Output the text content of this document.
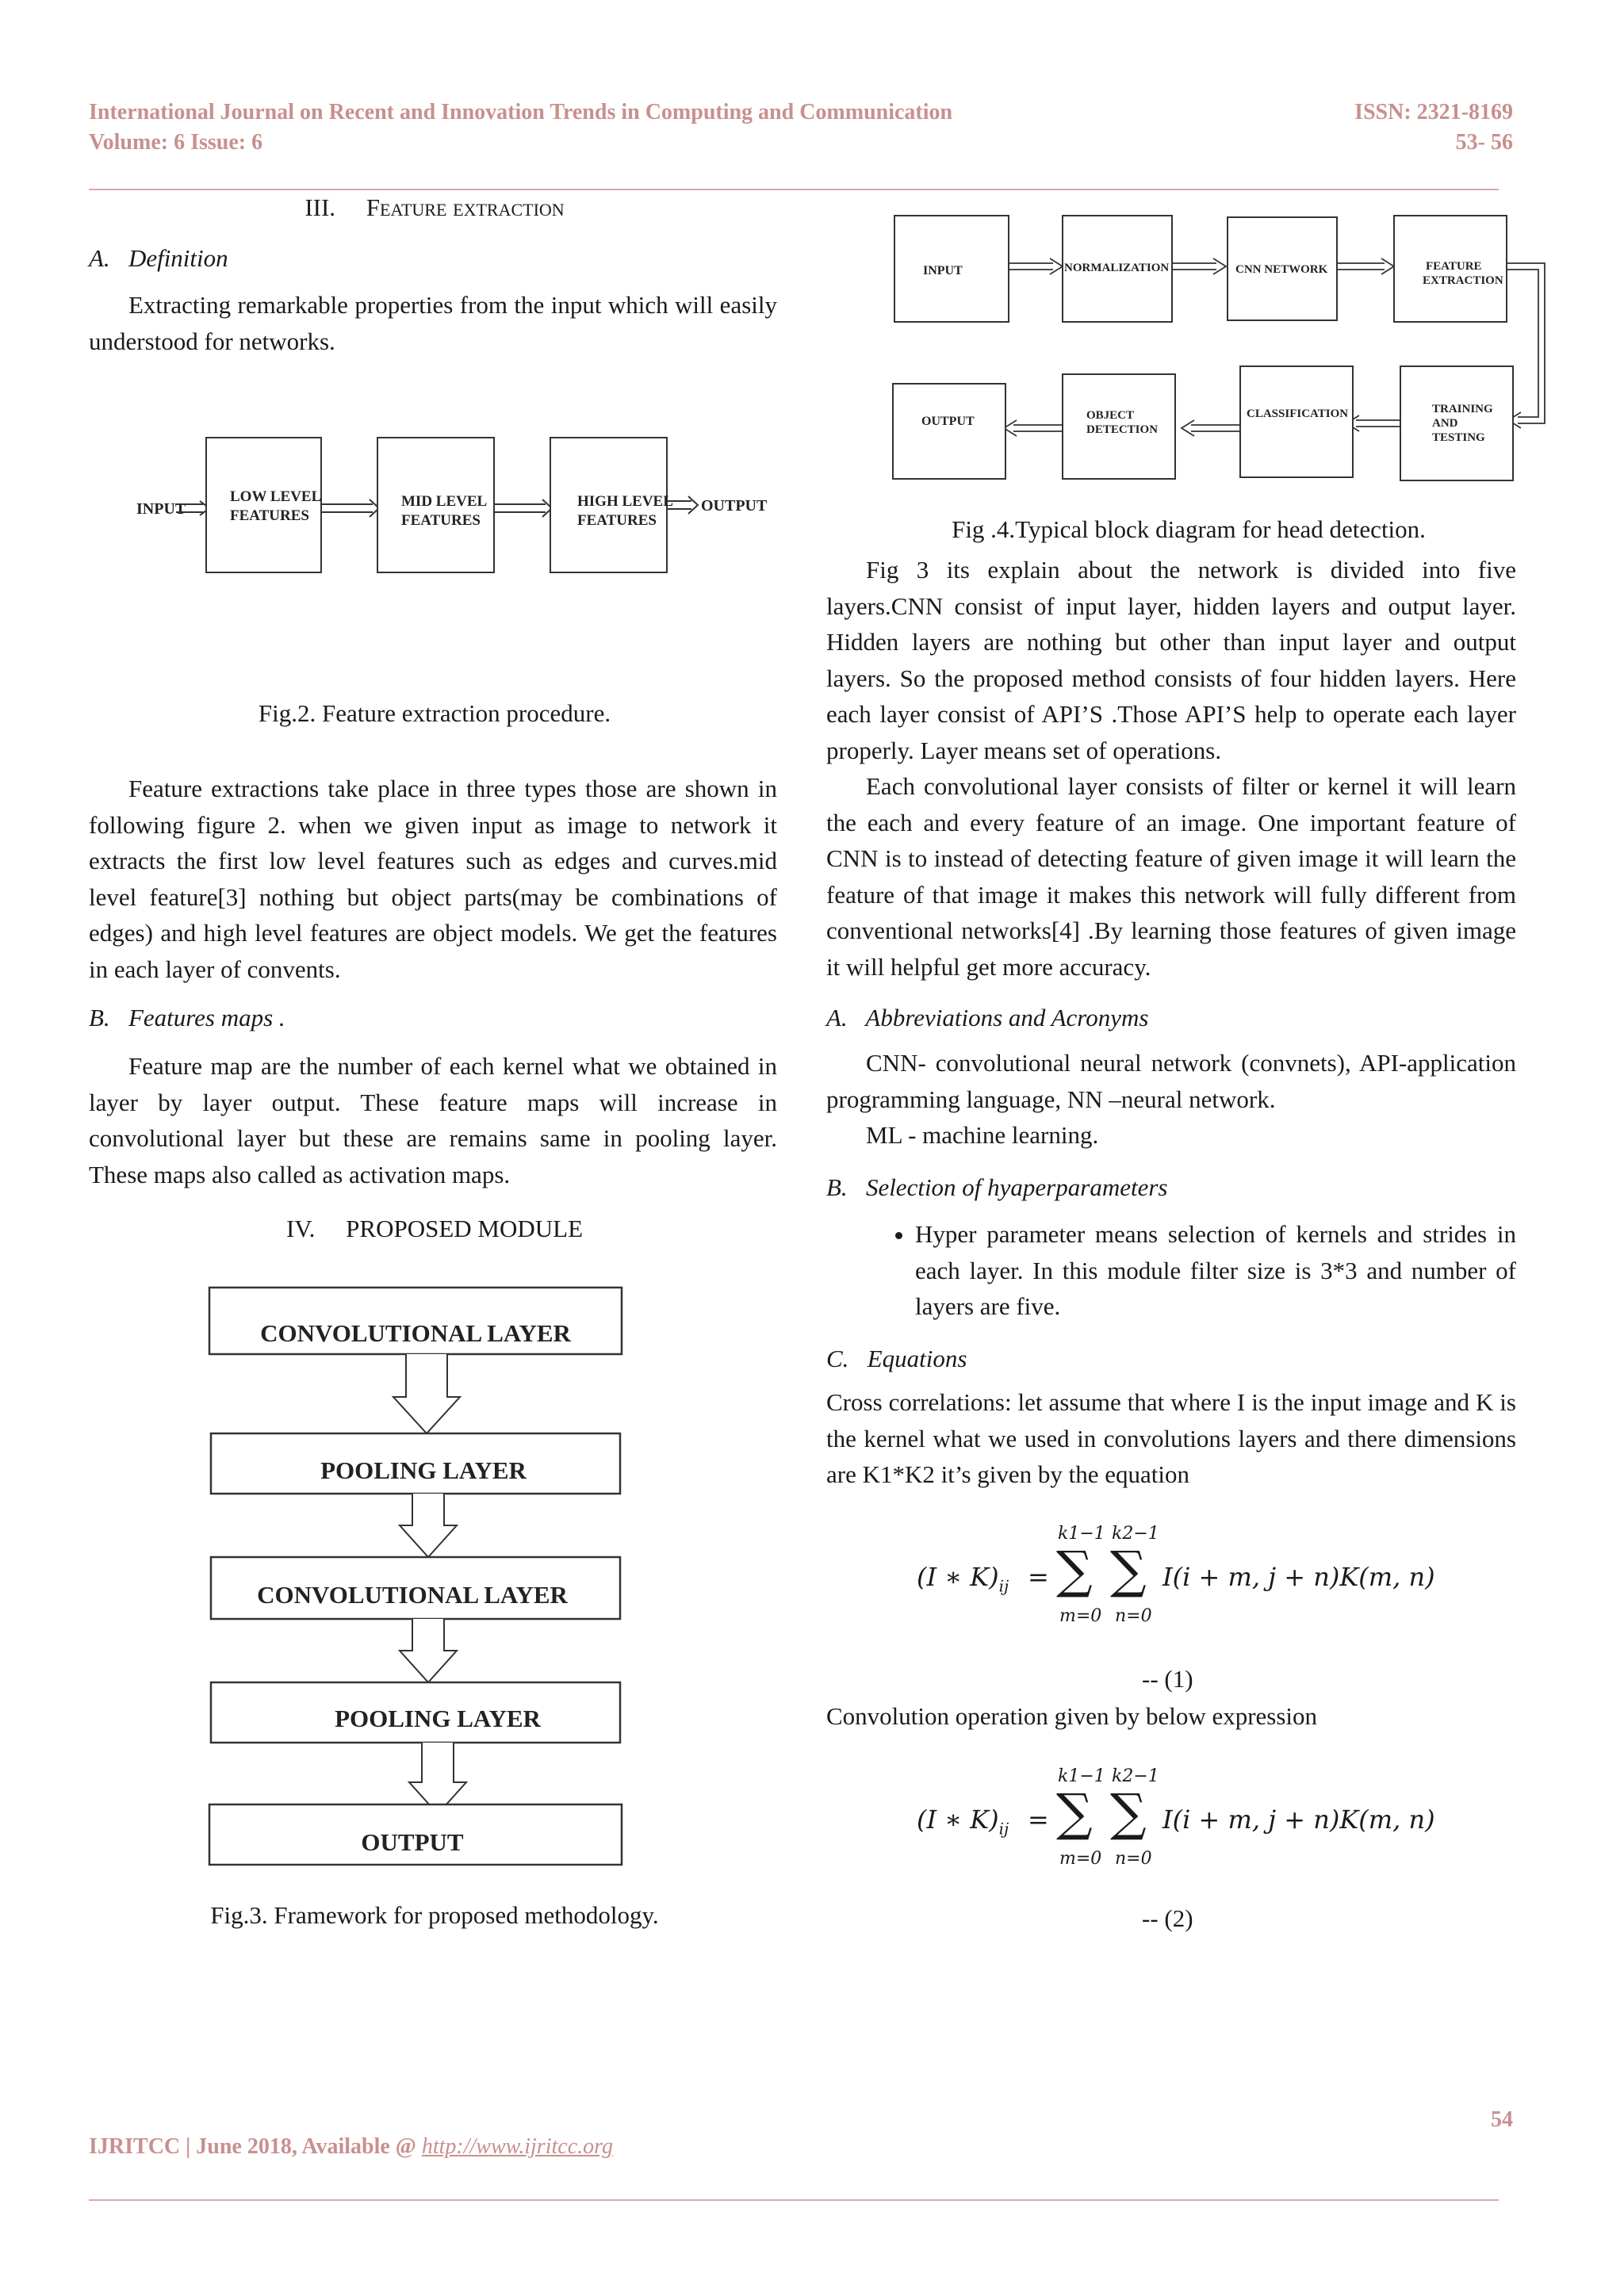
International Journal on Recent and Innovation Trends in Computing and Communication
Volume: 6 Issue: 6
ISSN: 2321-8169
53- 56
III. Feature extraction
A. Definition

Extracting remarkable properties from the input which will easily understood for networks.

INPUT
LOW LEVEL
FEATURES
MID LEVEL
FEATURES
HIGH LEVEL
FEATURES
OUTPUT
Fig.2. Feature extraction procedure.

Feature extractions take place in three types those are shown in following figure 2. when we given input as image to network it extracts the first low level features such as edges and curves.mid level feature[3] nothing but object parts(may be combinations of edges) and high level features are object models. We get the features in each layer of convents.

B. Features maps .

Feature map are the number of each kernel what we obtained in layer by layer output. These feature maps will increase in convolutional layer but these are remains same in pooling layer. These maps also called as activation maps.

IV. PROPOSED MODULE
CONVOLUTIONAL LAYER
POOLING LAYER
CONVOLUTIONAL LAYER
POOLING LAYER
OUTPUT
Fig.3. Framework for proposed methodology.
INPUT	NORMALIZATION	CNN NETWORK	FEATURE
EXTRACTION
TRAINING
AND
TESTING
CLASSIFICATION
OBJECT
DETECTION
OUTPUT
Fig .4.Typical block diagram for head detection.

Fig 3 its explain about the network is divided into five layers.CNN consist of input layer, hidden layers and output layer. Hidden layers are nothing but other than input layer and output layers. So the proposed method consists of four hidden layers. Here each layer consist of API’S .Those API’S help to operate each layer properly. Layer means set of operations.

Each convolutional layer consists of filter or kernel it will learn the each and every feature of an image. One important feature of CNN is to instead of detecting feature of given image it will learn the feature of that image it makes this network will fully different from conventional networks[4] .By learning those features of given image it will helpful get more accuracy.

A. Abbreviations and Acronyms

CNN- convolutional neural network (convnets), API-application programming language, NN –neural network.

ML - machine learning.

B. Selection of hyaperparameters
• Hyper parameter means selection of kernels and strides in each layer. In this module filter size is 3*3 and number of layers are five.
C. Equations

Cross correlations: let assume that where I is the input image and K is the kernel what we used in convolutions layers and there dimensions are K1*K2 it’s given by the equation

(I ∗ $K)_{ij}$ =
k1−1 k2−1
∑ ∑
m=0 n=0
I(i + m, j + n)K(m, n)
-- (1)

Convolution operation given by below expression

(I ∗ $K)_{ij}$ =
k1−1 k2−1
∑ ∑
m=0 n=0
I(i + m, j + n)K(m, n)
-- (2)
54
IJRITCC | June 2018, Available @ http://www.ijritcc.org
